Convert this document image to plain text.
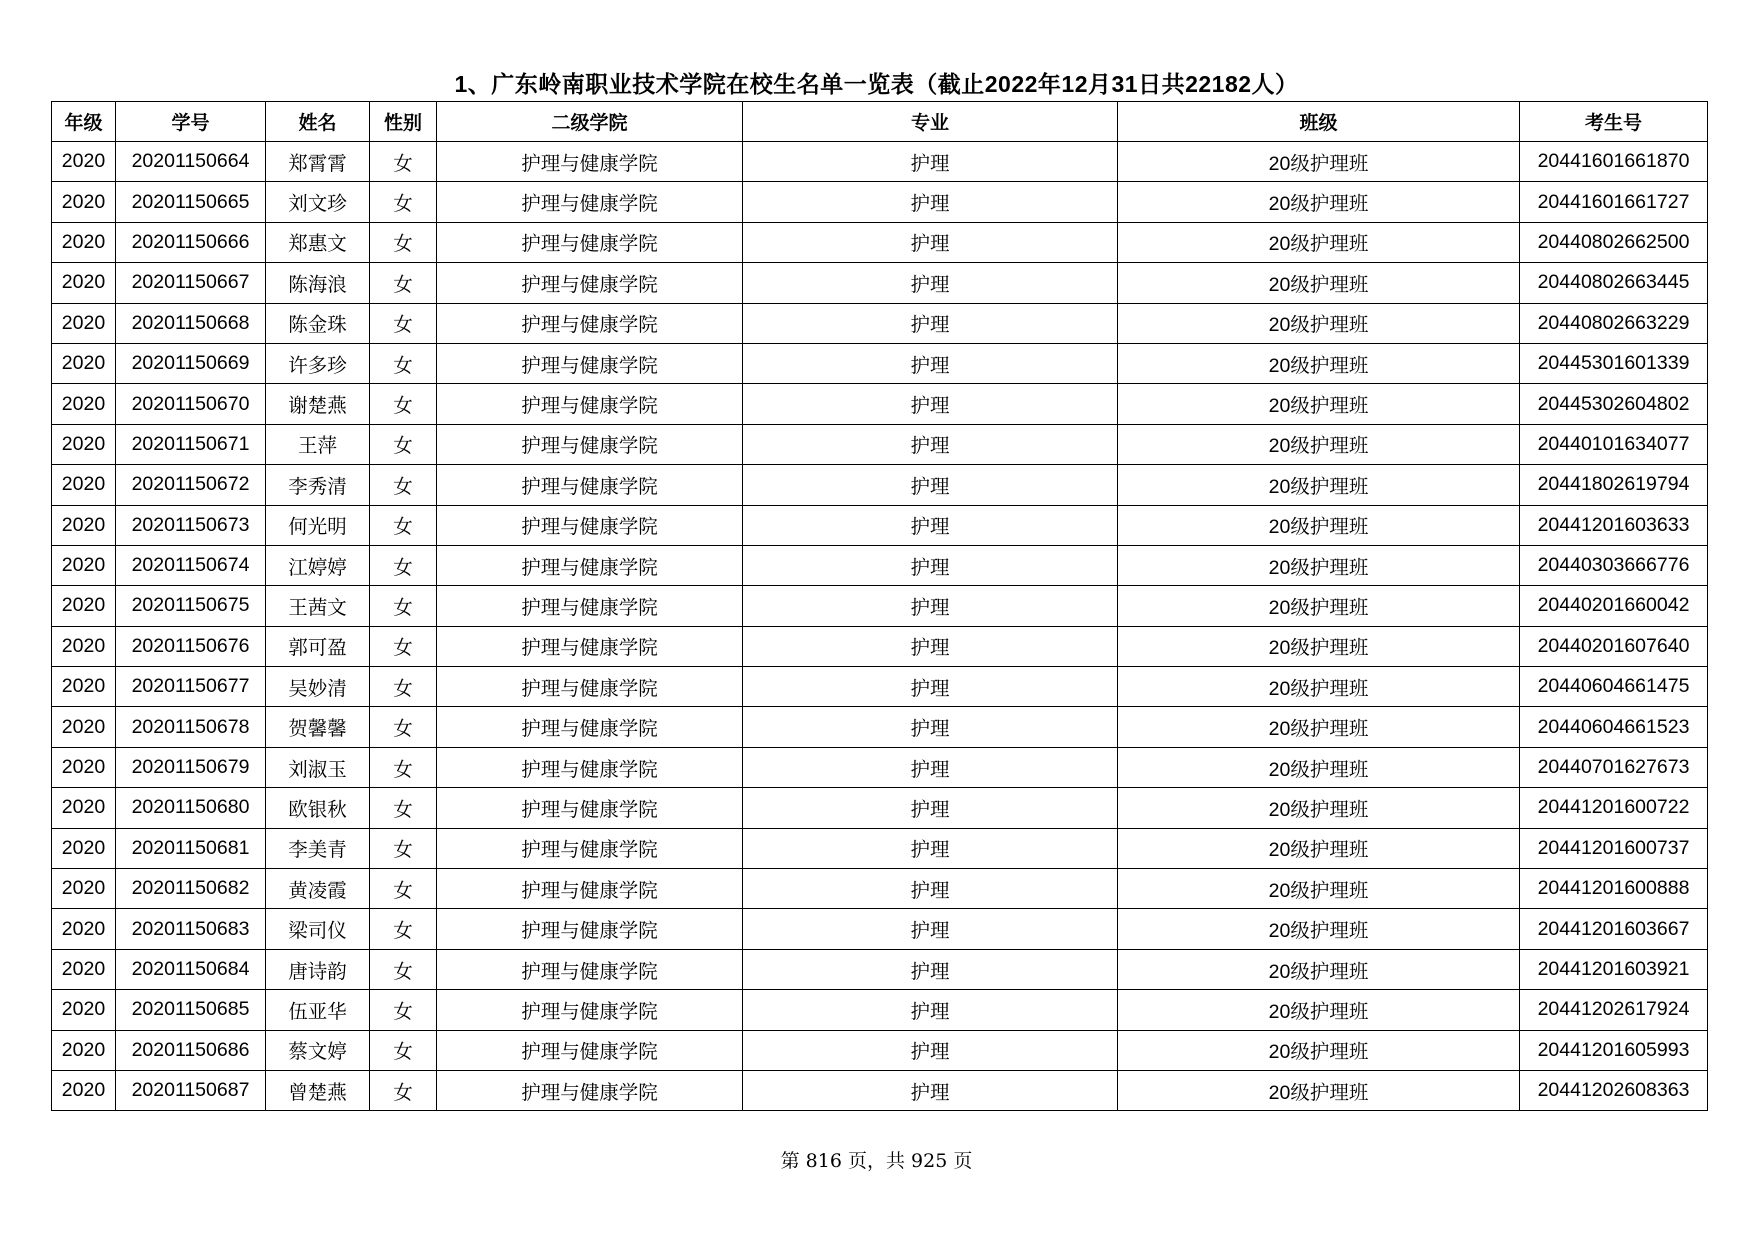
1、广东岭南职业技术学院在校生名单一览表（截止2022年12月31日共22182人）
年级	学号	姓名	性别	二级学院	专业	班级	考生号
2020	20201150664	郑霄霄	女	护理与健康学院	护理	20级护理班	20441601661870
2020	20201150665	刘文珍	女	护理与健康学院	护理	20级护理班	20441601661727
2020	20201150666	郑惠文	女	护理与健康学院	护理	20级护理班	20440802662500
2020	20201150667	陈海浪	女	护理与健康学院	护理	20级护理班	20440802663445
2020	20201150668	陈金珠	女	护理与健康学院	护理	20级护理班	20440802663229
2020	20201150669	许多珍	女	护理与健康学院	护理	20级护理班	20445301601339
2020	20201150670	谢楚燕	女	护理与健康学院	护理	20级护理班	20445302604802
2020	20201150671	王萍	女	护理与健康学院	护理	20级护理班	20440101634077
2020	20201150672	李秀清	女	护理与健康学院	护理	20级护理班	20441802619794
2020	20201150673	何光明	女	护理与健康学院	护理	20级护理班	20441201603633
2020	20201150674	江婷婷	女	护理与健康学院	护理	20级护理班	20440303666776
2020	20201150675	王茜文	女	护理与健康学院	护理	20级护理班	20440201660042
2020	20201150676	郭可盈	女	护理与健康学院	护理	20级护理班	20440201607640
2020	20201150677	吴妙清	女	护理与健康学院	护理	20级护理班	20440604661475
2020	20201150678	贺馨馨	女	护理与健康学院	护理	20级护理班	20440604661523
2020	20201150679	刘淑玉	女	护理与健康学院	护理	20级护理班	20440701627673
2020	20201150680	欧银秋	女	护理与健康学院	护理	20级护理班	20441201600722
2020	20201150681	李美青	女	护理与健康学院	护理	20级护理班	20441201600737
2020	20201150682	黄凌霞	女	护理与健康学院	护理	20级护理班	20441201600888
2020	20201150683	梁司仪	女	护理与健康学院	护理	20级护理班	20441201603667
2020	20201150684	唐诗韵	女	护理与健康学院	护理	20级护理班	20441201603921
2020	20201150685	伍亚华	女	护理与健康学院	护理	20级护理班	20441202617924
2020	20201150686	蔡文婷	女	护理与健康学院	护理	20级护理班	20441201605993
2020	20201150687	曾楚燕	女	护理与健康学院	护理	20级护理班	20441202608363
第 816 页，共 925 页
